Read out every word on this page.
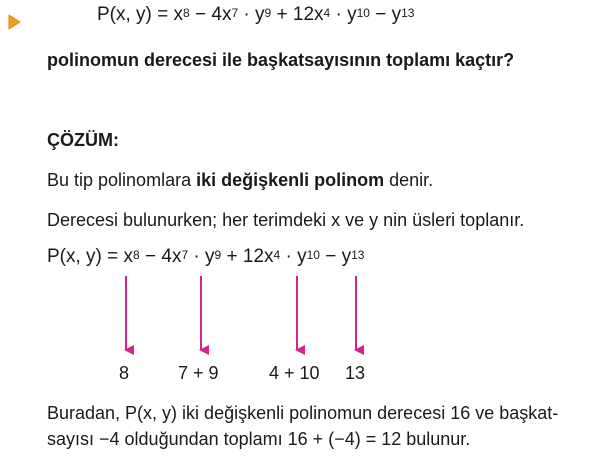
P(x, $y) = x^8 - 4x^7 \cdot y^9 + 12x^4 \cdot y^{10} - y^{13}$
polinomun derecesi ile başkatsayısının toplamı kaçtır?
ÇÖZÜM:
Bu tip polinomlara iki değişkenli polinom denir.
Derecesi bulunurken; her terimdeki x ve y nin üsleri toplanır.
P(x, $y) = x^8 - 4x^7 \cdot y^9 + 12x^4 \cdot y^{10} - y^{13}$
8	7 + 9	4 + 10 13
Buradan, P(x, y) iki değişkenli polinomun derecesi 16 ve başkat-
sayısı −4 olduğundan toplamı 16 + (−4) = 12 bulunur.
